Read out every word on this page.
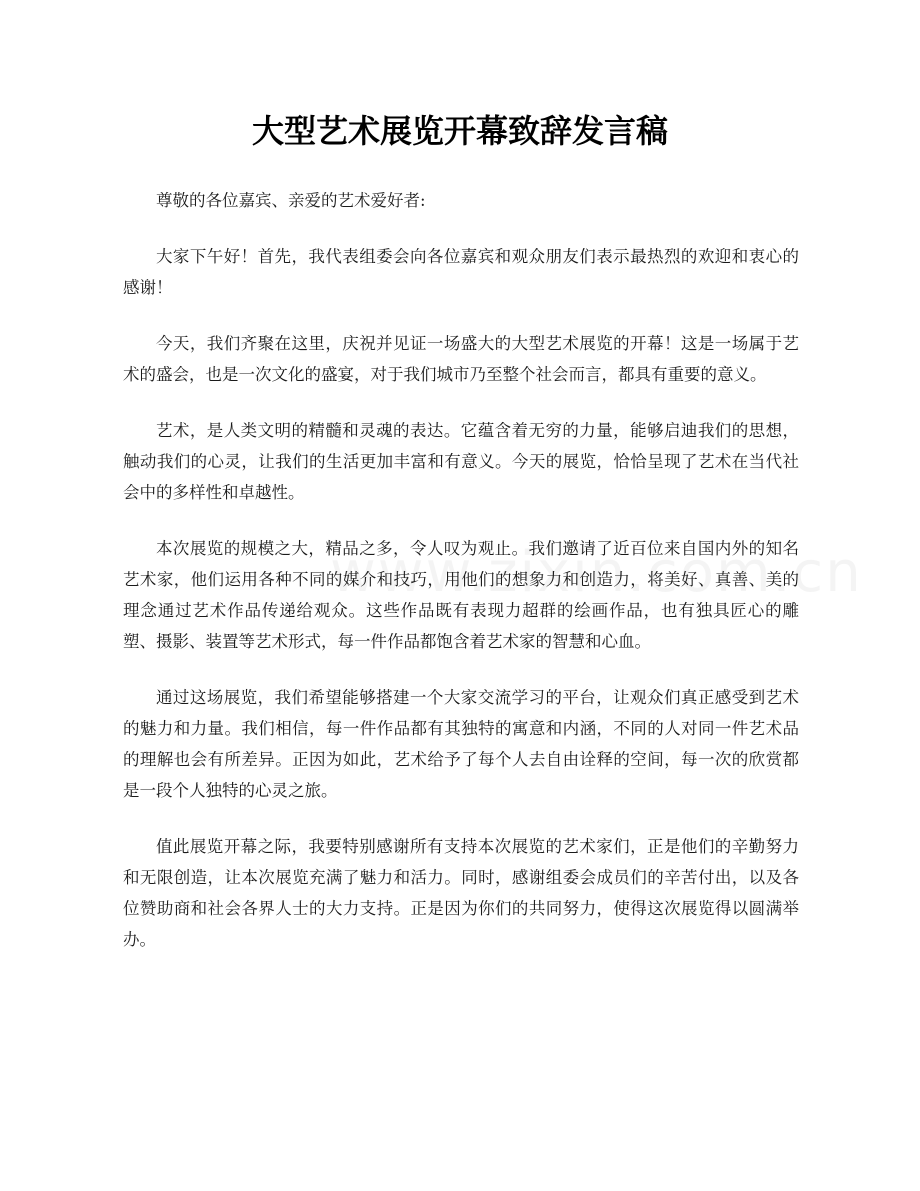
大型艺术展览开幕致辞发言稿

尊敬的各位嘉宾、亲爱的艺术爱好者:

大家下午好！首先，我代表组委会向各位嘉宾和观众朋友们表示最热烈的欢迎和衷心的感谢！

今天，我们齐聚在这里，庆祝并见证一场盛大的大型艺术展览的开幕！这是一场属于艺术的盛会，也是一次文化的盛宴，对于我们城市乃至整个社会而言，都具有重要的意义。

艺术，是人类文明的精髓和灵魂的表达。它蕴含着无穷的力量，能够启迪我们的思想，触动我们的心灵，让我们的生活更加丰富和有意义。今天的展览，恰恰呈现了艺术在当代社会中的多样性和卓越性。

本次展览的规模之大，精品之多，令人叹为观止。我们邀请了近百位来自国内外的知名艺术家，他们运用各种不同的媒介和技巧，用他们的想象力和创造力，将美好、真善、美的理念通过艺术作品传递给观众。这些作品既有表现力超群的绘画作品，也有独具匠心的雕塑、摄影、装置等艺术形式，每一件作品都饱含着艺术家的智慧和心血。

通过这场展览，我们希望能够搭建一个大家交流学习的平台，让观众们真正感受到艺术的魅力和力量。我们相信，每一件作品都有其独特的寓意和内涵，不同的人对同一件艺术品的理解也会有所差异。正因为如此，艺术给予了每个人去自由诠释的空间，每一次的欣赏都是一段个人独特的心灵之旅。

值此展览开幕之际，我要特别感谢所有支持本次展览的艺术家们，正是他们的辛勤努力和无限创造，让本次展览充满了魅力和活力。同时，感谢组委会成员们的辛苦付出，以及各位赞助商和社会各界人士的大力支持。正是因为你们的共同努力，使得这次展览得以圆满举办。
